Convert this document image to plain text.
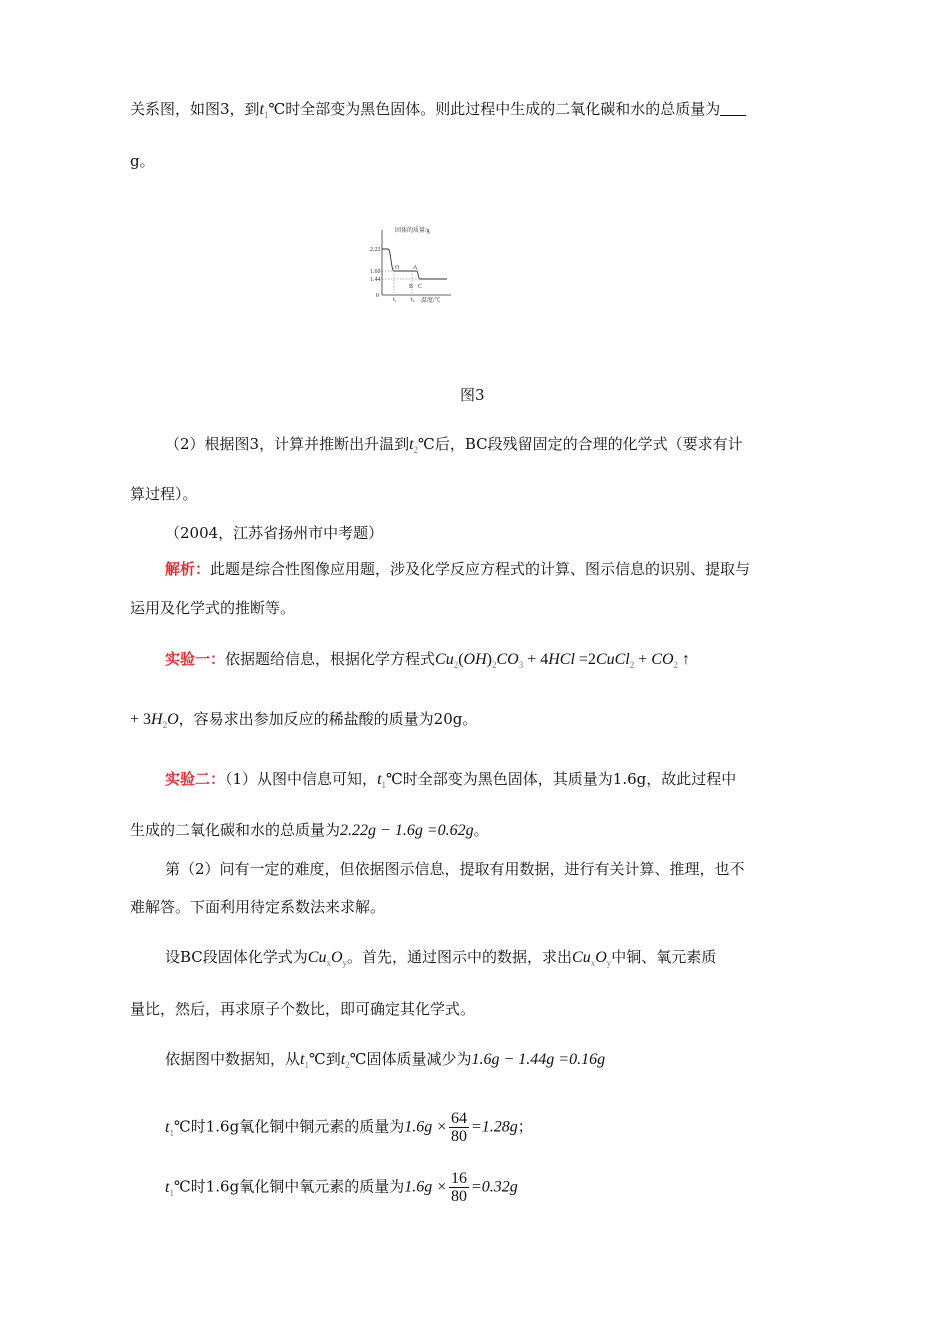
关系图，如图3，到$t_1℃$时全部变为黑色固体。则此过程中生成的二氧化碳和水的总质量为
g。
固体的质量/g
温度/℃
2.22
1.60
1.44
0
t₁ t₂
O A
B C
图3
（2）根据图3，计算并推断出升温到$t_2℃$后，BC段残留固定的合理的化学式（要求有计
算过程）。
（2004，江苏省扬州市中考题）
解析：此题是综合性图像应用题，涉及化学反应方程式的计算、图示信息的识别、提取与
运用及化学式的推断等。
实验一：依据题给信息，根据化学方程式$Cu_2(OH)_2CO_3 + 4HCl$ =2CuCl$_2$ + $CO_2$ ↑
+ $3H_2O$，容易求出参加反应的稀盐酸的质量为20g。
实验二：（1）从图中信息可知，$t_1℃$时全部变为黑色固体，其质量为1.6g，故此过程中
生成的二氧化碳和水的总质量为2.22g − 1.6g =0.62g。
第（2）问有一定的难度，但依据图示信息，提取有用数据，进行有关计算、推理，也不
难解答。下面利用待定系数法来求解。
设BC段固体化学式为$Cu_xO_y$。首先，通过图示中的数据，求出$Cu_xO_y$中铜、氧元素质
量比，然后，再求原子个数比，即可确定其化学式。
依据图中数据知，从$t_1℃$到$t_2℃$固体质量减少为1.6g − 1.44g =0.16g
$t_1℃$时1.6g氧化铜中铜元素的质量为$1.6g \times \frac{64}{80} =1.28g$；
$t_1℃$时1.6g氧化铜中氧元素的质量为$1.6g \times \frac{16}{80} =0.32g$
